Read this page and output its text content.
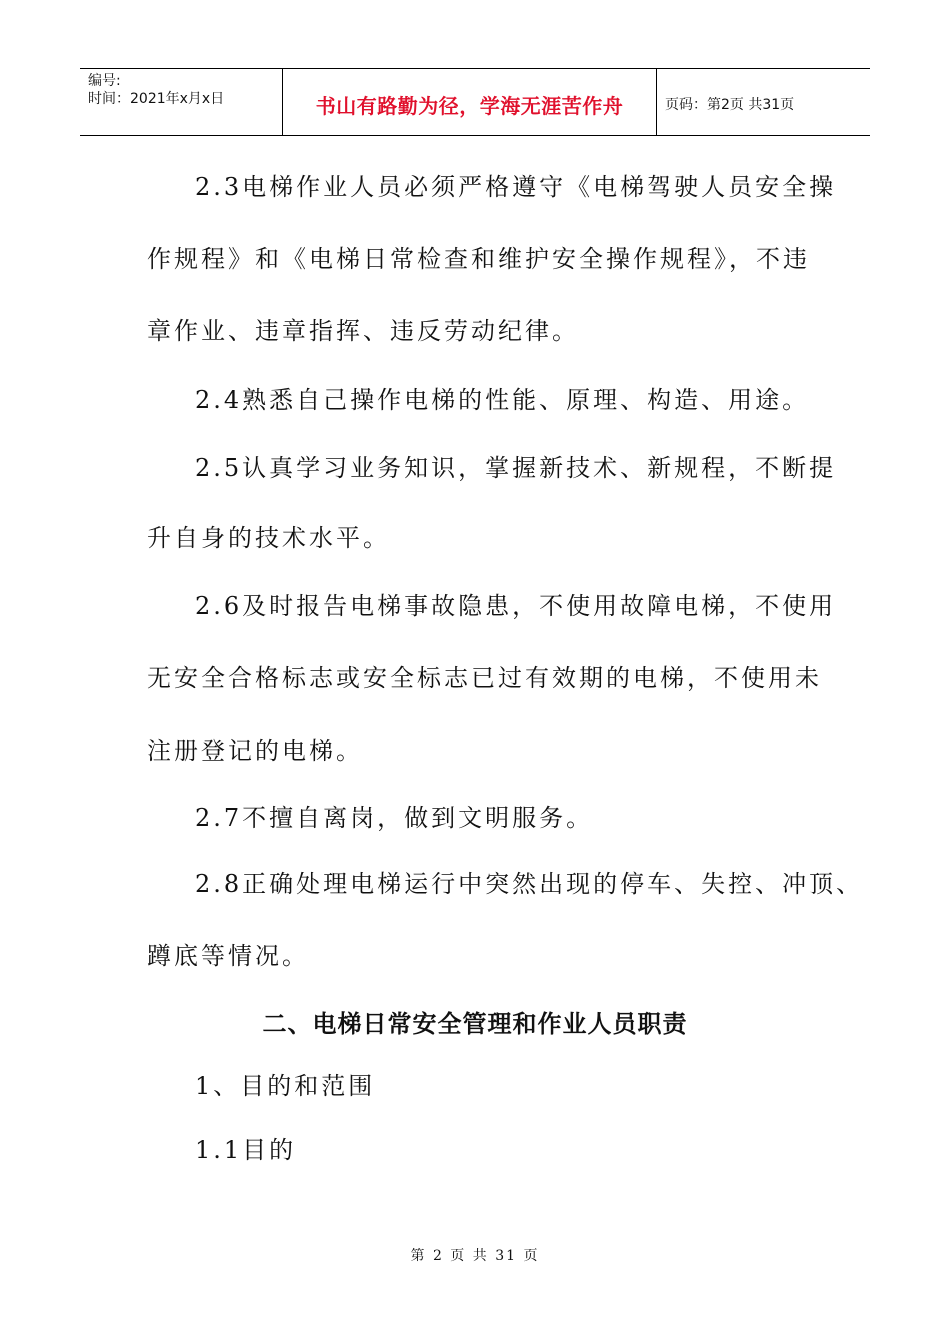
编号:
时间：2021年x月x日	书山有路勤为径，学海无涯苦作舟	页码：第2页 共31页
2.3电梯作业人员必须严格遵守《电梯驾驶人员安全操
作规程》和《电梯日常检查和维护安全操作规程》，不违
章作业、违章指挥、违反劳动纪律。
2.4熟悉自己操作电梯的性能、原理、构造、用途。
2.5认真学习业务知识，掌握新技术、新规程，不断提
升自身的技术水平。
2.6及时报告电梯事故隐患，不使用故障电梯，不使用
无安全合格标志或安全标志已过有效期的电梯，不使用未
注册登记的电梯。
2.7不擅自离岗，做到文明服务。
2.8正确处理电梯运行中突然出现的停车、失控、冲顶、
蹲底等情况。
二、电梯日常安全管理和作业人员职责
1、目的和范围
1.1目的
第 2 页 共 31 页
